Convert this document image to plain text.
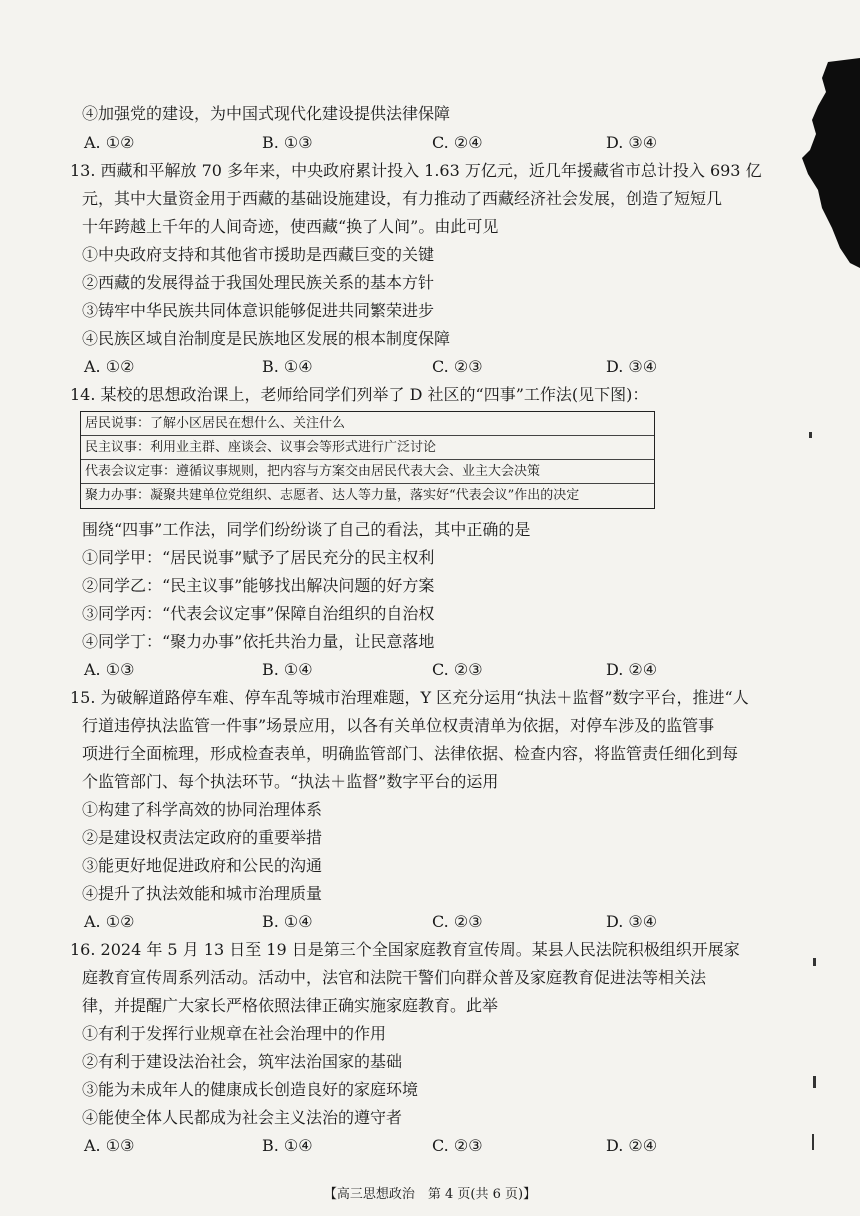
④加强党的建设，为中国式现代化建设提供法律保障
A. ①②	B. ①③	C. ②④	D. ③④
13. 西藏和平解放 70 多年来，中央政府累计投入 1.63 万亿元，近几年援藏省市总计投入 693 亿
元，其中大量资金用于西藏的基础设施建设，有力推动了西藏经济社会发展，创造了短短几
十年跨越上千年的人间奇迹，使西藏“换了人间”。由此可见
①中央政府支持和其他省市援助是西藏巨变的关键
②西藏的发展得益于我国处理民族关系的基本方针
③铸牢中华民族共同体意识能够促进共同繁荣进步
④民族区域自治制度是民族地区发展的根本制度保障
A. ①②	B. ①④	C. ②③	D. ③④
14. 某校的思想政治课上，老师给同学们列举了 D 社区的“四事”工作法(见下图)：
居民说事：了解小区居民在想什么、关注什么
民主议事：利用业主群、座谈会、议事会等形式进行广泛讨论
代表会议定事：遵循议事规则，把内容与方案交由居民代表大会、业主大会决策
聚力办事：凝聚共建单位党组织、志愿者、达人等力量，落实好“代表会议”作出的决定
围绕“四事”工作法，同学们纷纷谈了自己的看法，其中正确的是
①同学甲：“居民说事”赋予了居民充分的民主权利
②同学乙：“民主议事”能够找出解决问题的好方案
③同学丙：“代表会议定事”保障自治组织的自治权
④同学丁：“聚力办事”依托共治力量，让民意落地
A. ①③	B. ①④	C. ②③	D. ②④
15. 为破解道路停车难、停车乱等城市治理难题，Y 区充分运用“执法＋监督”数字平台，推进“人
行道违停执法监管一件事”场景应用，以各有关单位权责清单为依据，对停车涉及的监管事
项进行全面梳理，形成检查表单，明确监管部门、法律依据、检查内容，将监管责任细化到每
个监管部门、每个执法环节。“执法＋监督”数字平台的运用
①构建了科学高效的协同治理体系
②是建设权责法定政府的重要举措
③能更好地促进政府和公民的沟通
④提升了执法效能和城市治理质量
A. ①②	B. ①④	C. ②③	D. ③④
16. 2024 年 5 月 13 日至 19 日是第三个全国家庭教育宣传周。某县人民法院积极组织开展家
庭教育宣传周系列活动。活动中，法官和法院干警们向群众普及家庭教育促进法等相关法
律，并提醒广大家长严格依照法律正确实施家庭教育。此举
①有利于发挥行业规章在社会治理中的作用
②有利于建设法治社会，筑牢法治国家的基础
③能为未成年人的健康成长创造良好的家庭环境
④能使全体人民都成为社会主义法治的遵守者
A. ①③	B. ①④	C. ②③	D. ②④
【高三思想政治　第 4 页(共 6 页)】
